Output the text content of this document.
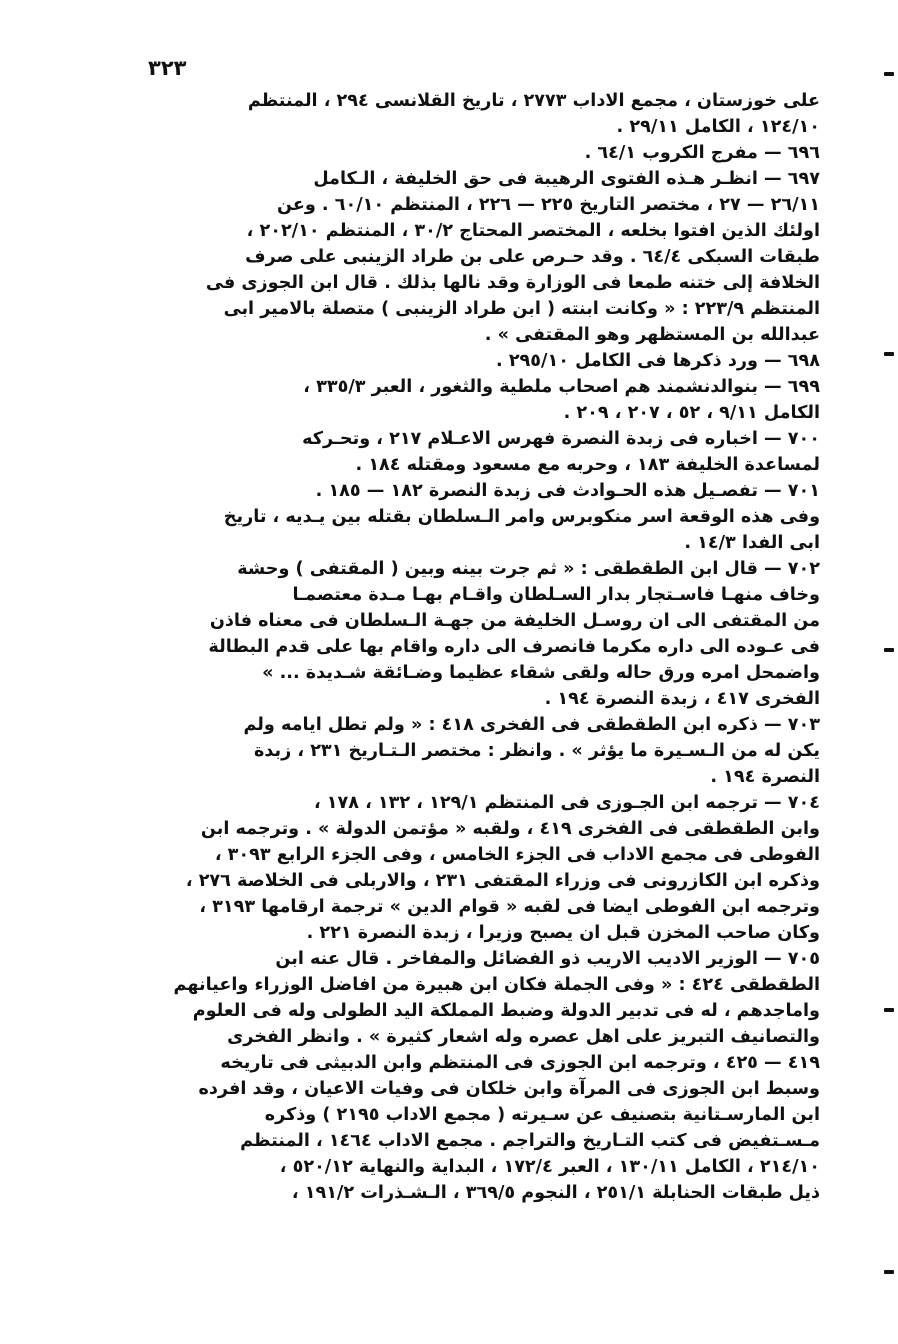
٣٢٣
على خوزستان ، مجمع الاداب ٢٧٧٣ ، تاريخ القلانسى ٢٩٤ ، المنتظم
١٢٤/١٠ ، الكامل ٢٩/١١ .
٦٩٦ — مفرج الكروب ٦٤/١ .
٦٩٧ — انظـر هـذه الفتوى الرهيبة فى حق الخليفة ، الـكامل
٢٦/١١ — ٢٧ ، مختصر التاريخ ٢٢٥ — ٢٢٦ ، المنتظم ٦٠/١٠ . وعن
اولئك الذين افتوا بخلعه ، المختصر المحتاج ٣٠/٢ ، المنتظم ٢٠٢/١٠ ،
طبقات السبكى ٦٤/٤ . وقد حـرص على بن طراد الزينبى على صرف
الخلافة إلى ختنه طمعا فى الوزارة وقد نالها بذلك . قال ابن الجوزى فى
المنتظم ٢٢٣/٩ : « وكانت ابنته ( ابن طراد الزينبى ) متصلة بالامير ابى
عبدالله بن المستظهر وهو المقتفى » .
٦٩٨ — ورد ذكرها فى الكامل ٢٩٥/١٠ .
٦٩٩ — بنوالدنشمند هم اصحاب ملطية والثغور ، العبر ٣٣٥/٣ ،
الكامل ٩/١١ ، ٥٢ ، ٢٠٧ ، ٢٠٩ .
٧٠٠ — اخباره فى زبدة النصرة فهرس الاعـلام ٢١٧ ، وتحـركه
لمساعدة الخليفة ١٨٣ ، وحربه مع مسعود ومقتله ١٨٤ .
٧٠١ — تفصـيل هذه الحـوادث فى زبدة النصرة ١٨٢ — ١٨٥ .
وفى هذه الوقعة اسر منكوبرس وامر الـسلطان بقتله بين يـديه ، تاريخ
ابى الفدا ١٤/٣ .
٧٠٢ — قال ابن الطقطقى : « ثم جرت بينه وبين ( المقتفى ) وحشة
وخاف منهـا فاسـتجار بدار السـلطان واقـام بهـا مـدة معتصمـا
من المقتفى الى ان روسـل الخليفة من جهـة الـسلطان فى معناه فاذن
فى عـوده الى داره مكرما فانصرف الى داره واقام بها على قدم البطالة
واضمحل امره ورق حاله ولقى شقاء عظيما وضـائقة شـديدة ... »
الفخرى ٤١٧ ، زبدة النصرة ١٩٤ .
٧٠٣ — ذكره ابن الطقطقى فى الفخرى ٤١٨ : « ولم تطل ايامه ولم
يكن له من الـسـيرة ما يؤثر » . وانظر : مختصر الـتـاريخ ٢٣١ ، زبدة
النصرة ١٩٤ .
٧٠٤ — ترجمه ابن الجـوزى فى المنتظم ١٢٩/١ ، ١٣٢ ، ١٧٨ ،
وابن الطقطقى فى الفخرى ٤١٩ ، ولقبه « مؤتمن الدولة » . وترجمه ابن
الفوطى فى مجمع الاداب فى الجزء الخامس ، وفى الجزء الرابع ٣٠٩٣ ،
وذكره ابن الكازرونى فى وزراء المقتفى ٢٣١ ، والاربلى فى الخلاصة ٢٧٦ ،
وترجمه ابن الفوطى ايضا فى لقبه « قوام الدين » ترجمة ارقامها ٣١٩٣ ،
وكان صاحب المخزن قبل ان يصبح وزيرا ، زبدة النصرة ٢٢١ .
٧٠٥ — الوزير الاديب الاريب ذو الفضائل والمفاخر . قال عنه ابن
الطقطقى ٤٢٤ : « وفى الجملة فكان ابن هبيرة من افاضل الوزراء واعيانهم
واماجدهم ، له فى تدبير الدولة وضبط المملكة اليد الطولى وله فى العلوم
والتصانيف التبريز على اهل عصره وله اشعار كثيرة » . وانظر الفخرى
٤١٩ — ٤٢٥ ، وترجمه ابن الجوزى فى المنتظم وابن الدبيثى فى تاريخه
وسبط ابن الجوزى فى المرآة وابن خلكان فى وفيات الاعيان ، وقد افرده
ابن المارسـتانية بتصنيف عن سـيرته ( مجمع الاداب ٢١٩٥ ) وذكره
مـسـتفيض فى كتب التـاريخ والتراجم . مجمع الاداب ١٤٦٤ ، المنتظم
٢١٤/١٠ ، الكامل ١٣٠/١١ ، العبر ١٧٢/٤ ، البداية والنهاية ٥٢٠/١٢ ،
ذيل طبقات الحنابلة ٢٥١/١ ، النجوم ٣٦٩/٥ ، الـشـذرات ١٩١/٢ ،
